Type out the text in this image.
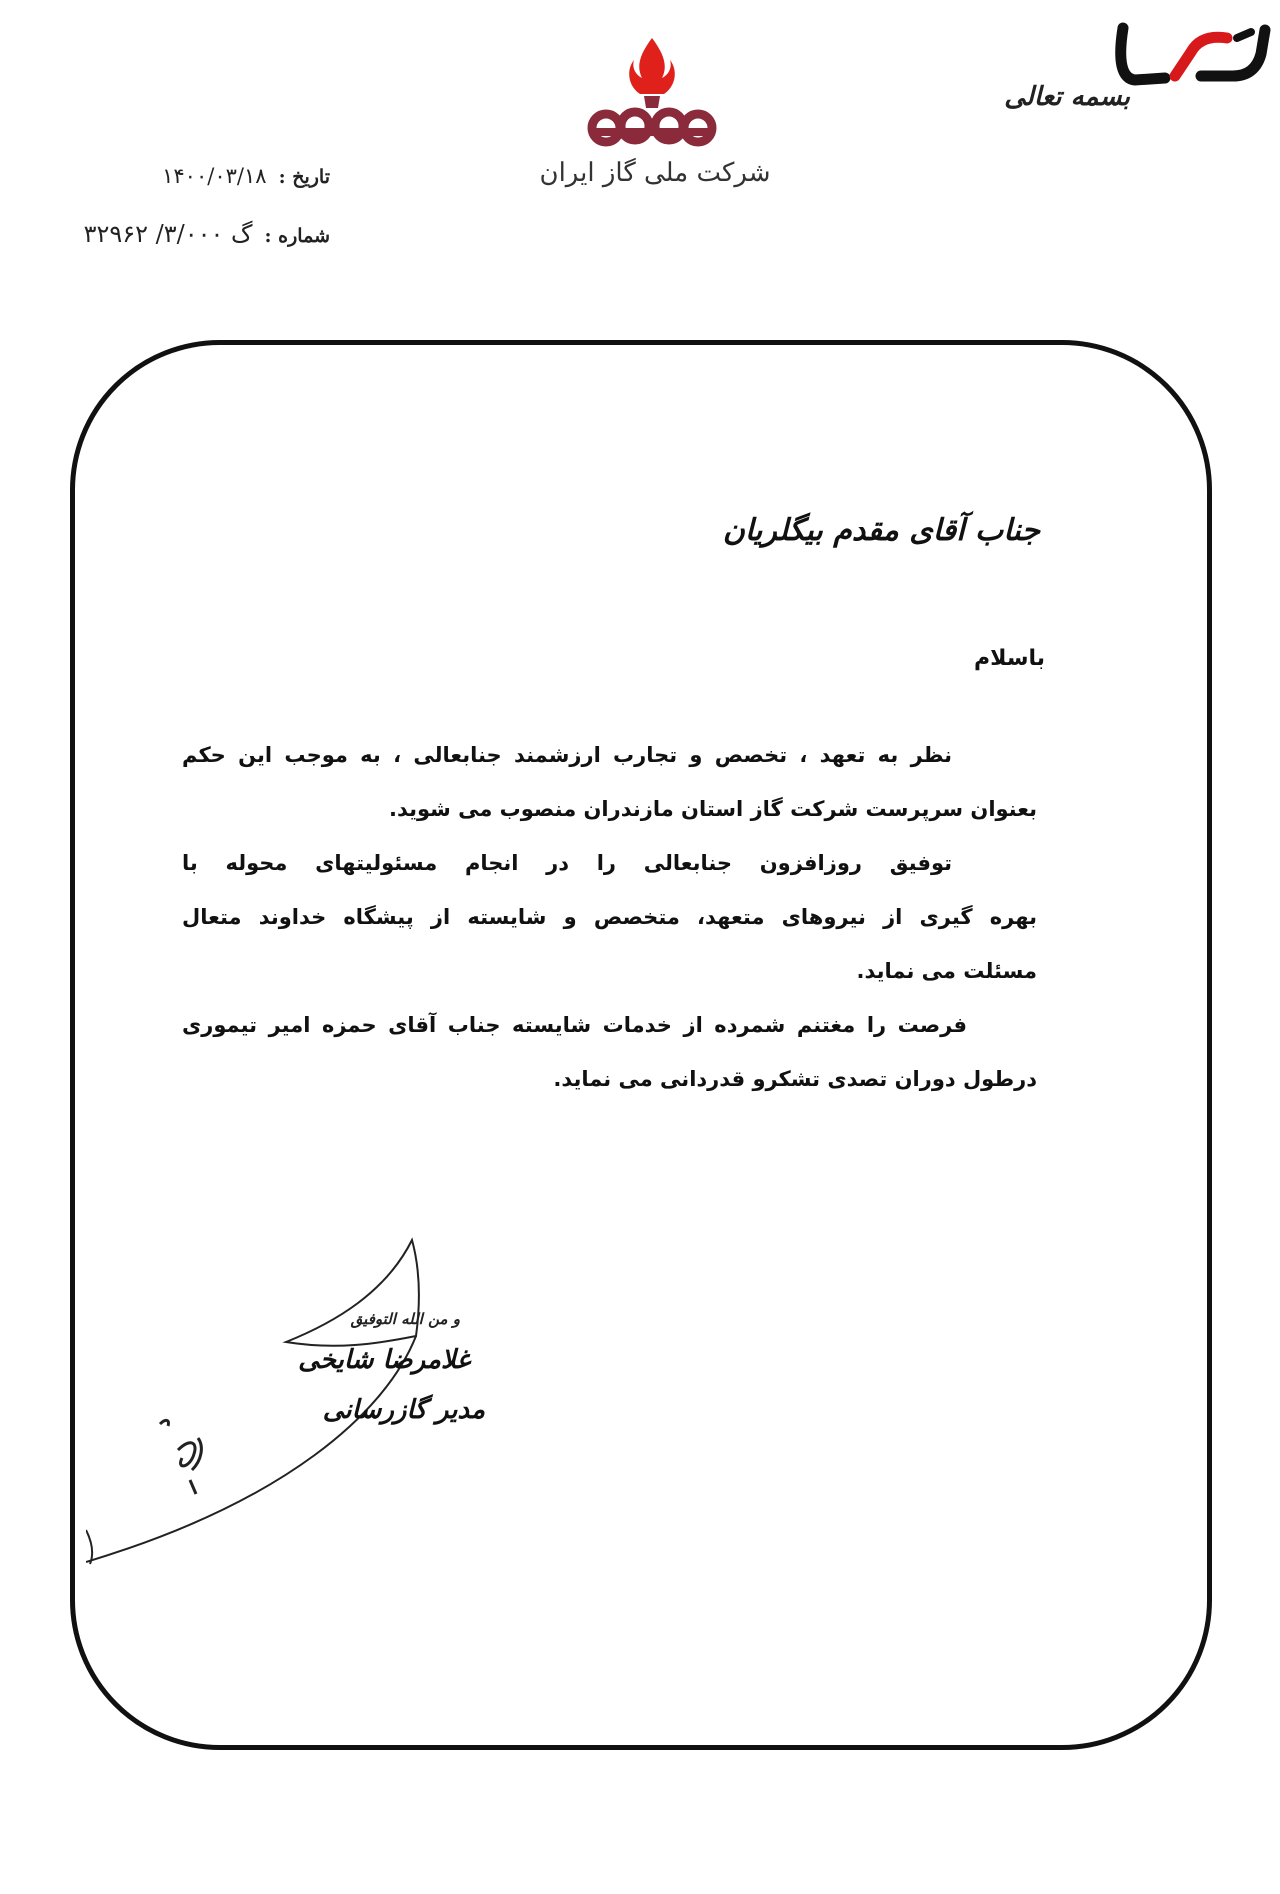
بسمه تعالی
شرکت ملی گاز ایران
تاریخ : ۱۴۰۰/۰۳/۱۸
شماره : گ ۳/۰۰۰/ ۳۲۹۶۲
جناب آقای مقدم بیگلریان
باسلام
نظر به تعهد ، تخصص و تجارب ارزشمند جنابعالی ، به موجب این حکم
بعنوان سرپرست شرکت گاز استان مازندران منصوب می شوید.
توفیق روزافزون جنابعالی را در انجام مسئولیتهای محوله با
بهره گیری از نیروهای متعهد، متخصص و شایسته از پیشگاه خداوند متعال
مسئلت می نماید.
فرصت را مغتنم شمرده از خدمات شایسته جناب آقای حمزه امیر تیموری
درطول دوران تصدی تشکرو قدردانی می نماید.
و من الله التوفیق
غلامرضا شایخی
مدیر گازرسانی
